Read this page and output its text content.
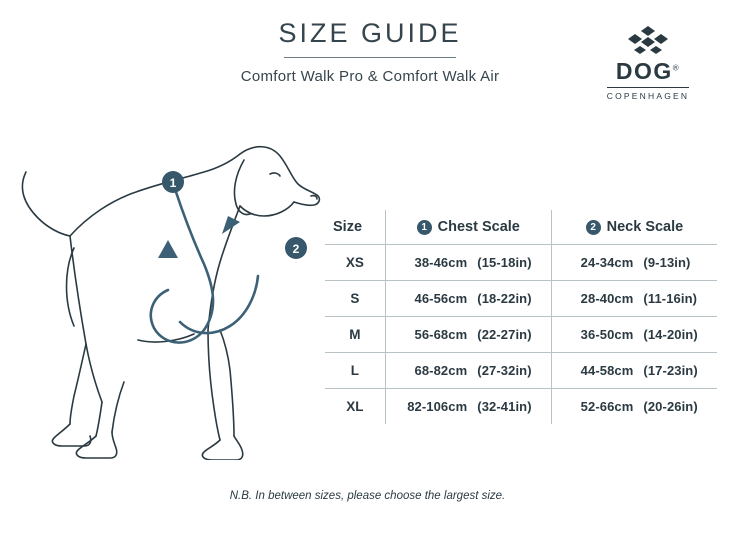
SIZE GUIDE
Comfort Walk Pro & Comfort Walk Air	DOG®
COPENHAGEN
1
2
Size	1 Chest Scale	2 Neck Scale
XS	38-46cm (15-18in)	24-34cm (9-13in)
S	46-56cm (18-22in)	28-40cm (11-16in)
M	56-68cm (22-27in)	36-50cm (14-20in)
L	68-82cm (27-32in)	44-58cm (17-23in)
XL	82-106cm (32-41in)	52-66cm (20-26in)
N.B. In between sizes, please choose the largest size.
